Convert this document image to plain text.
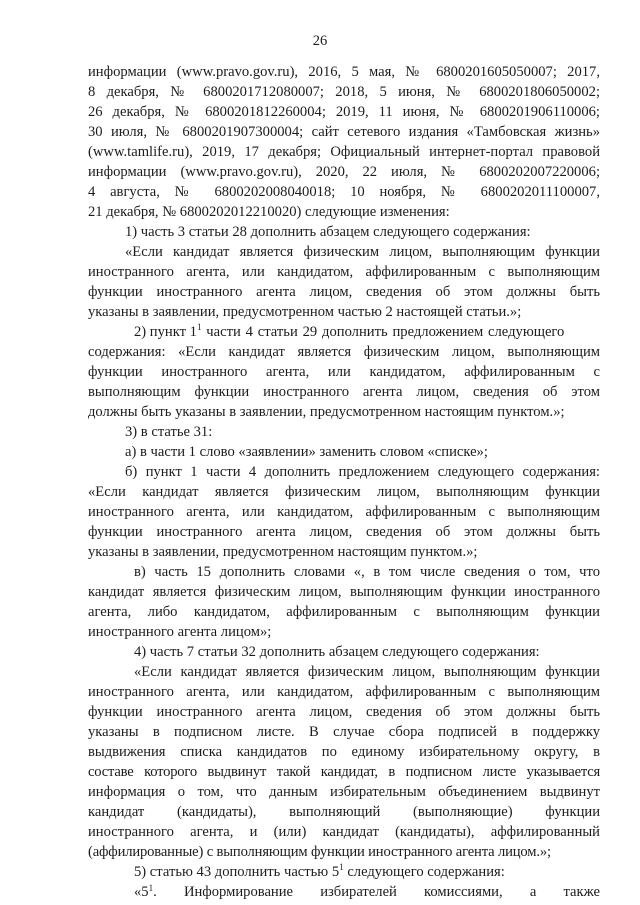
26
информации (www.pravo.gov.ru), 2016, 5 мая, № 6800201605050007; 2017,
8 декабря, № 6800201712080007; 2018, 5 июня, № 6800201806050002;
26 декабря, № 6800201812260004; 2019, 11 июня, № 6800201906110006;
30 июля, № 6800201907300004; сайт сетевого издания «Тамбовская жизнь»
(www.tamlife.ru), 2019, 17 декабря; Официальный интернет-портал правовой
информации (www.pravo.gov.ru), 2020, 22 июля, № 6800202007220006;
4 августа, № 6800202008040018; 10 ноября, № 6800202011100007,
21 декабря, № 6800202012210020) следующие изменения:
1) часть 3 статьи 28 дополнить абзацем следующего содержания:
«Если кандидат является физическим лицом, выполняющим функции
иностранного агента, или кандидатом, аффилированным с выполняющим
функции иностранного агента лицом, сведения об этом должны быть
указаны в заявлении, предусмотренном частью 2 настоящей статьи.»;
2) пункт $1^1$ части 4 статьи 29 дополнить предложением следующего
содержания: «Если кандидат является физическим лицом, выполняющим
функции иностранного агента, или кандидатом, аффилированным с
выполняющим функции иностранного агента лицом, сведения об этом
должны быть указаны в заявлении, предусмотренном настоящим пунктом.»;
3) в статье 31:
а) в части 1 слово «заявлении» заменить словом «списке»;
б) пункт 1 части 4 дополнить предложением следующего содержания:
«Если кандидат является физическим лицом, выполняющим функции
иностранного агента, или кандидатом, аффилированным с выполняющим
функции иностранного агента лицом, сведения об этом должны быть
указаны в заявлении, предусмотренном настоящим пунктом.»;
в) часть 15 дополнить словами «, в том числе сведения о том, что
кандидат является физическим лицом, выполняющим функции иностранного
агента, либо кандидатом, аффилированным с выполняющим функции
иностранного агента лицом»;
4) часть 7 статьи 32 дополнить абзацем следующего содержания:
«Если кандидат является физическим лицом, выполняющим функции
иностранного агента, или кандидатом, аффилированным с выполняющим
функции иностранного агента лицом, сведения об этом должны быть
указаны в подписном листе. В случае сбора подписей в поддержку
выдвижения списка кандидатов по единому избирательному округу, в
составе которого выдвинут такой кандидат, в подписном листе указывается
информация о том, что данным избирательным объединением выдвинут
кандидат (кандидаты), выполняющий (выполняющие) функции
иностранного агента, и (или) кандидат (кандидаты), аффилированный
(аффилированные) с выполняющим функции иностранного агента лицом.»;
5) статью 43 дополнить частью $5^1$ следующего содержания:
«5 1 . Информирование избирателей комиссиями, а также
